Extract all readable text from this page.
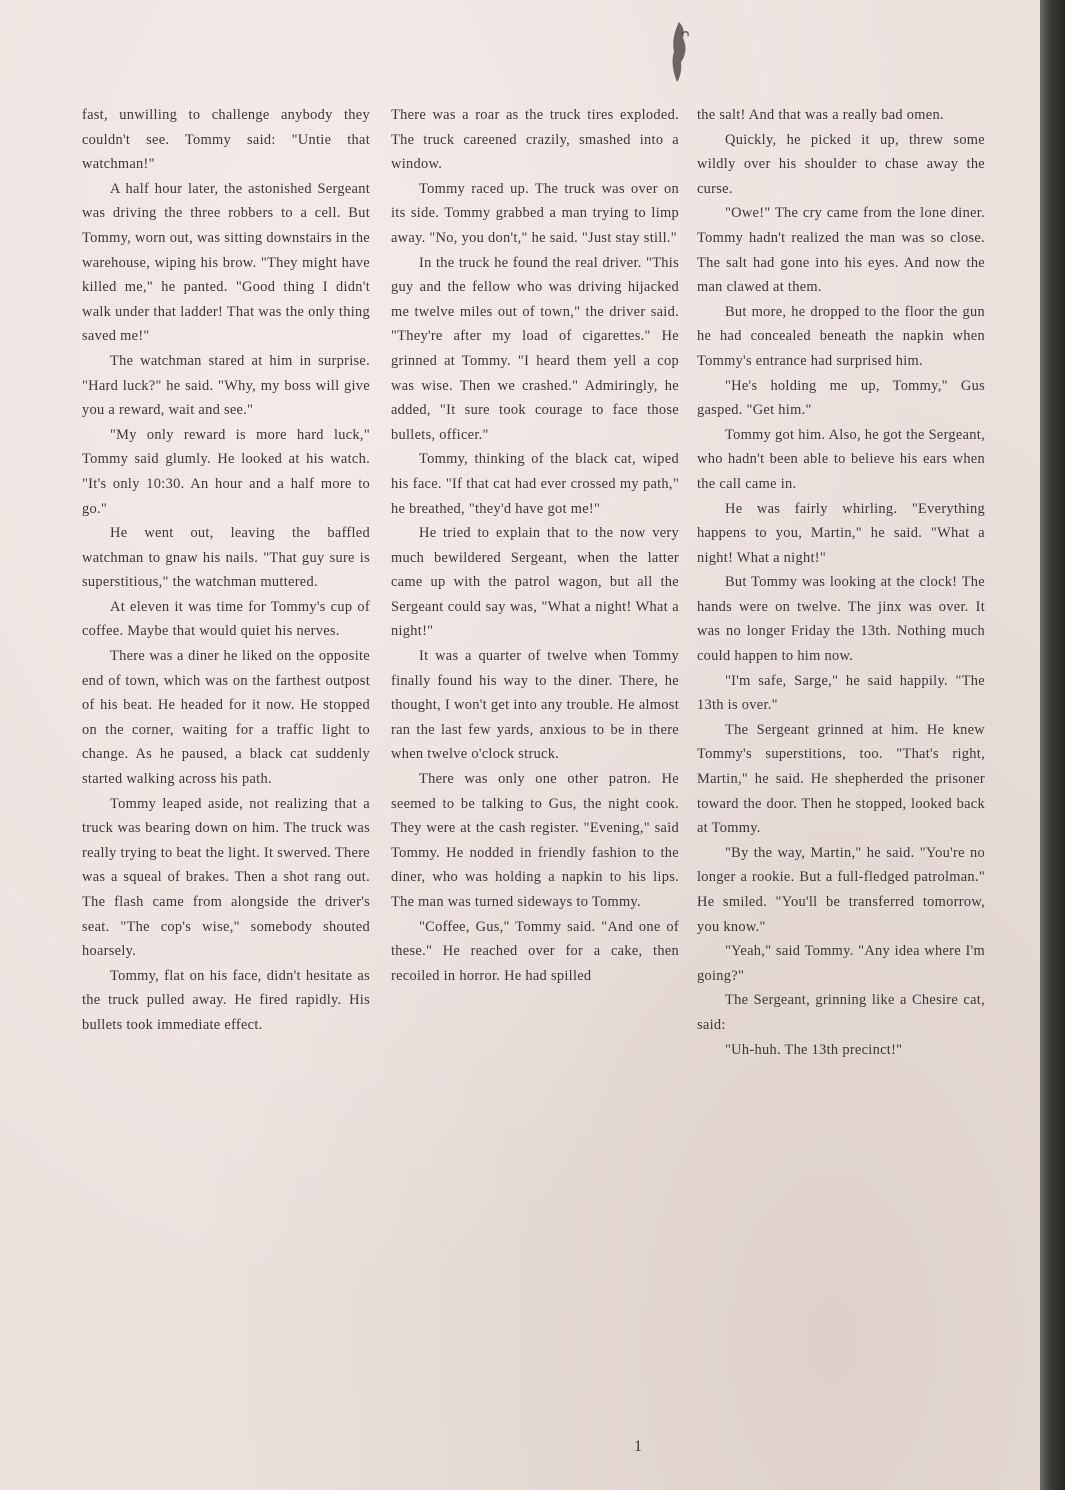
fast, unwilling to challenge anybody they couldn't see. Tommy said: "Untie that watchman!"

A half hour later, the astonished Sergeant was driving the three robbers to a cell. But Tommy, worn out, was sitting downstairs in the warehouse, wiping his brow. "They might have killed me," he panted. "Good thing I didn't walk under that ladder! That was the only thing saved me!"

The watchman stared at him in surprise. "Hard luck?" he said. "Why, my boss will give you a reward, wait and see."

"My only reward is more hard luck," Tommy said glumly. He looked at his watch. "It's only 10:30. An hour and a half more to go."

He went out, leaving the baffled watchman to gnaw his nails. "That guy sure is superstitious," the watchman muttered.

At eleven it was time for Tommy's cup of coffee. Maybe that would quiet his nerves.

There was a diner he liked on the opposite end of town, which was on the farthest outpost of his beat. He headed for it now. He stopped on the corner, waiting for a traffic light to change. As he paused, a black cat suddenly started walking across his path.

Tommy leaped aside, not realizing that a truck was bearing down on him. The truck was really trying to beat the light. It swerved. There was a squeal of brakes. Then a shot rang out. The flash came from alongside the driver's seat. "The cop's wise," somebody shouted hoarsely.

Tommy, flat on his face, didn't hesitate as the truck pulled away. He fired rapidly. His bullets took immediate effect.

There was a roar as the truck tires exploded. The truck careened crazily, smashed into a window.

Tommy raced up. The truck was over on its side. Tommy grabbed a man trying to limp away. "No, you don't," he said. "Just stay still."

In the truck he found the real driver. "This guy and the fellow who was driving hijacked me twelve miles out of town," the driver said. "They're after my load of cigarettes." He grinned at Tommy. "I heard them yell a cop was wise. Then we crashed." Admiringly, he added, "It sure took courage to face those bullets, officer."

Tommy, thinking of the black cat, wiped his face. "If that cat had ever crossed my path," he breathed, "they'd have got me!"

He tried to explain that to the now very much bewildered Sergeant, when the latter came up with the patrol wagon, but all the Sergeant could say was, "What a night! What a night!"

It was a quarter of twelve when Tommy finally found his way to the diner. There, he thought, I won't get into any trouble. He almost ran the last few yards, anxious to be in there when twelve o'clock struck.

There was only one other patron. He seemed to be talking to Gus, the night cook. They were at the cash register. "Evening," said Tommy. He nodded in friendly fashion to the diner, who was holding a napkin to his lips. The man was turned sideways to Tommy.

"Coffee, Gus," Tommy said. "And one of these." He reached over for a cake, then recoiled in horror. He had spilled

the salt! And that was a really bad omen.

Quickly, he picked it up, threw some wildly over his shoulder to chase away the curse.

"Owe!" The cry came from the lone diner. Tommy hadn't realized the man was so close. The salt had gone into his eyes. And now the man clawed at them.

But more, he dropped to the floor the gun he had concealed beneath the napkin when Tommy's entrance had surprised him.

"He's holding me up, Tommy," Gus gasped. "Get him."

Tommy got him. Also, he got the Sergeant, who hadn't been able to believe his ears when the call came in.

He was fairly whirling. "Everything happens to you, Martin," he said. "What a night! What a night!"

But Tommy was looking at the clock! The hands were on twelve. The jinx was over. It was no longer Friday the 13th. Nothing much could happen to him now.

"I'm safe, Sarge," he said happily. "The 13th is over."

The Sergeant grinned at him. He knew Tommy's superstitions, too. "That's right, Martin," he said. He shepherded the prisoner toward the door. Then he stopped, looked back at Tommy.

"By the way, Martin," he said. "You're no longer a rookie. But a full-fledged patrolman." He smiled. "You'll be transferred tomorrow, you know."

"Yeah," said Tommy. "Any idea where I'm going?"

The Sergeant, grinning like a Chesire cat, said:

"Uh-huh. The 13th precinct!"

1
